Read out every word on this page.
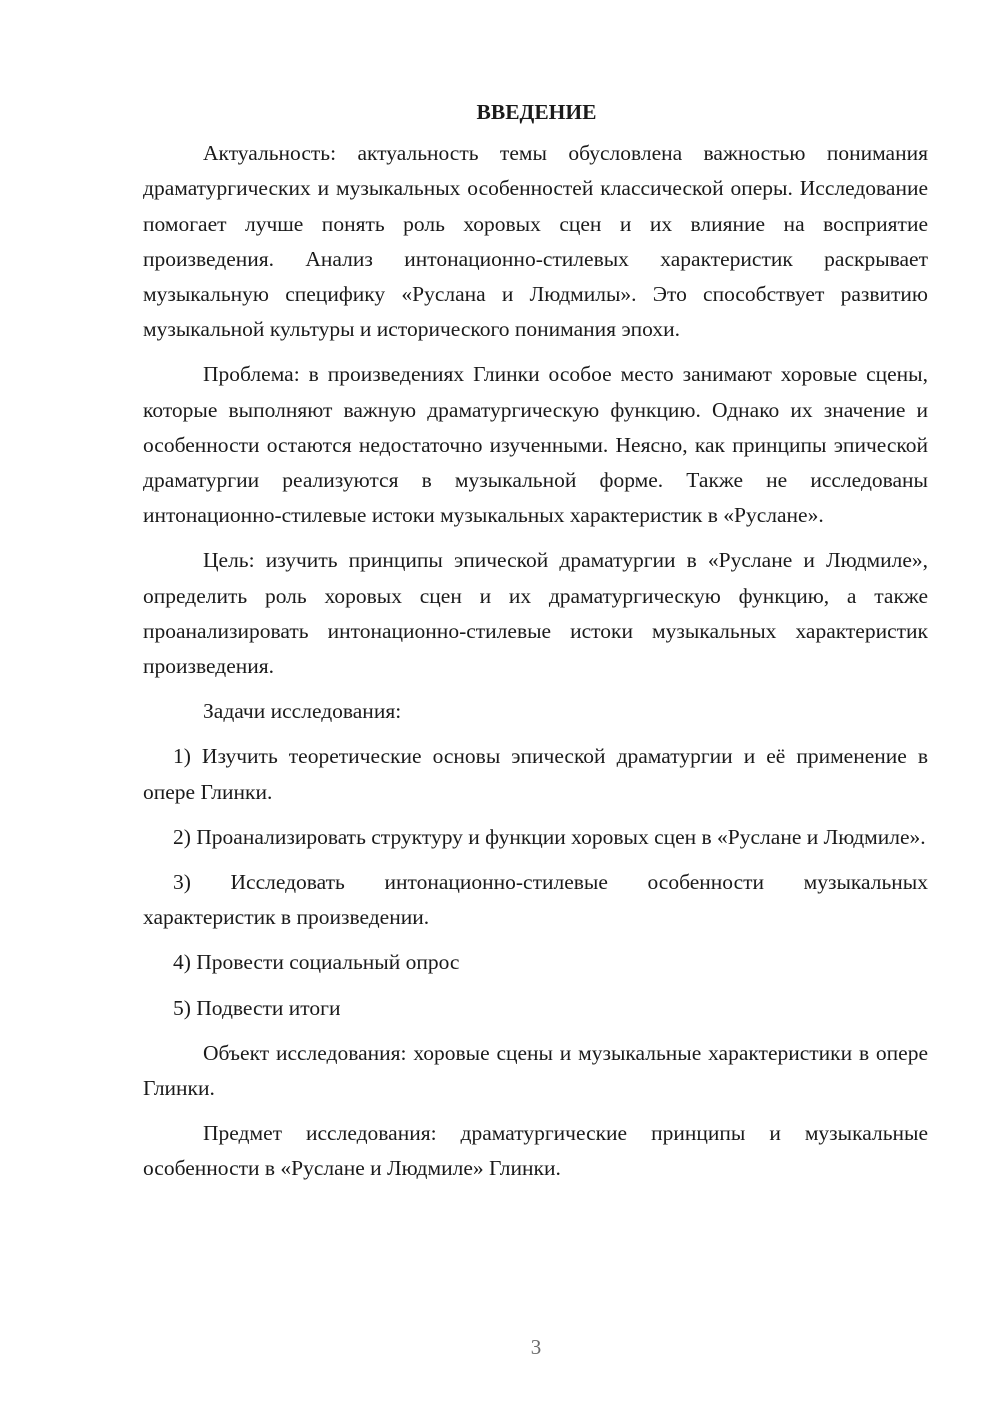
ВВЕДЕНИЕ

Актуальность: актуальность темы обусловлена важностью понимания драматургических и музыкальных особенностей классической оперы. Исследование помогает лучше понять роль хоровых сцен и их влияние на восприятие произведения. Анализ интонационно-стилевых характеристик раскрывает музыкальную специфику «Руслана и Людмилы». Это способствует развитию музыкальной культуры и исторического понимания эпохи.

Проблема: в произведениях Глинки особое место занимают хоровые сцены, которые выполняют важную драматургическую функцию. Однако их значение и особенности остаются недостаточно изученными. Неясно, как принципы эпической драматургии реализуются в музыкальной форме. Также не исследованы интонационно-стилевые истоки музыкальных характеристик в «Руслане».

Цель: изучить принципы эпической драматургии в «Руслане и Людмиле», определить роль хоровых сцен и их драматургическую функцию, а также проанализировать интонационно-стилевые истоки музыкальных характеристик произведения.

Задачи исследования:

1) Изучить теоретические основы эпической драматургии и её применение в опере Глинки.

2) Проанализировать структуру и функции хоровых сцен в «Руслане и Людмиле».

3) Исследовать интонационно-стилевые особенности музыкальных характеристик в произведении.

4) Провести социальный опрос

5) Подвести итоги

Объект исследования: хоровые сцены и музыкальные характеристики в опере Глинки.

Предмет исследования: драматургические принципы и музыкальные особенности в «Руслане и Людмиле» Глинки.

3
